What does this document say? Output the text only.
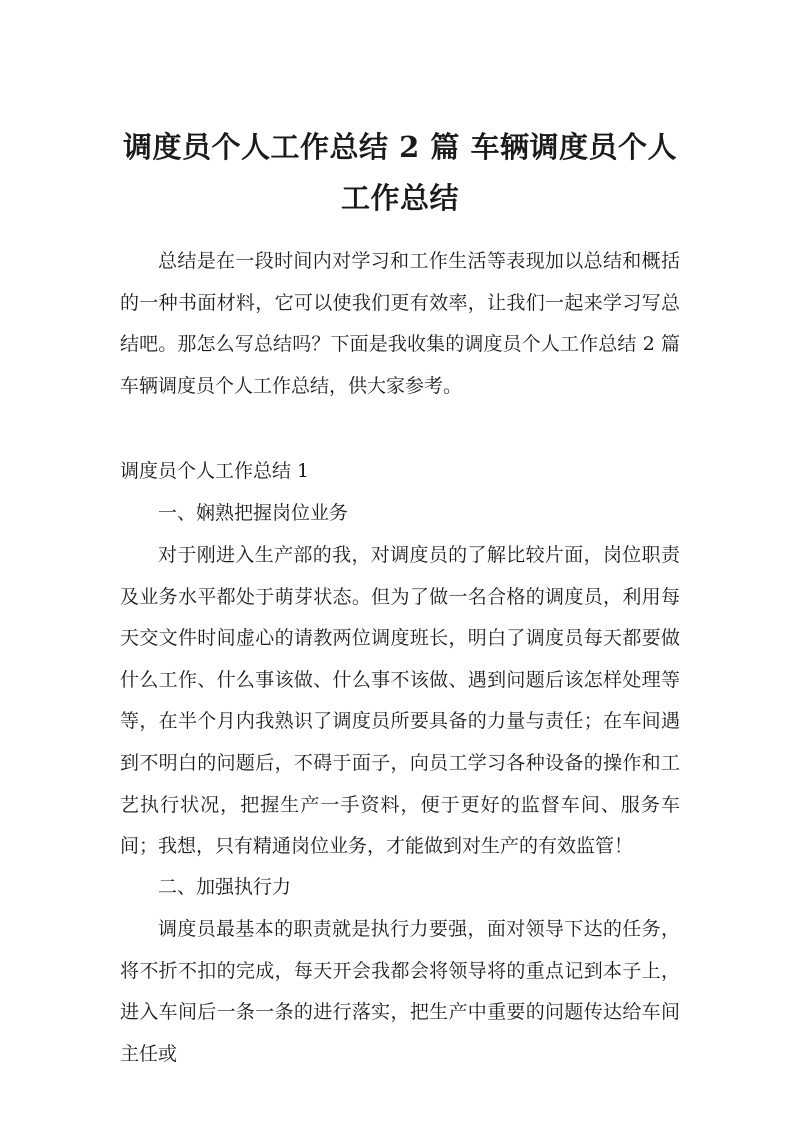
调度员个人工作总结 2 篇 车辆调度员个人
工作总结

总结是在一段时间内对学习和工作生活等表现加以总结和概括的一种书面材料，它可以使我们更有效率，让我们一起来学习写总结吧。那怎么写总结吗？下面是我收集的调度员个人工作总结 2 篇 车辆调度员个人工作总结，供大家参考。

调度员个人工作总结 1
一、娴熟把握岗位业务

对于刚进入生产部的我，对调度员的了解比较片面，岗位职责及业务水平都处于萌芽状态。但为了做一名合格的调度员，利用每天交文件时间虚心的请教两位调度班长，明白了调度员每天都要做什么工作、什么事该做、什么事不该做、遇到问题后该怎样处理等等，在半个月内我熟识了调度员所要具备的力量与责任；在车间遇到不明白的问题后，不碍于面子，向员工学习各种设备的操作和工艺执行状况，把握生产一手资料，便于更好的监督车间、服务车间；我想，只有精通岗位业务，才能做到对生产的有效监管！

二、加强执行力

调度员最基本的职责就是执行力要强，面对领导下达的任务，将不折不扣的完成，每天开会我都会将领导将的重点记到本子上，进入车间后一条一条的进行落实，把生产中重要的问题传达给车间主任或
